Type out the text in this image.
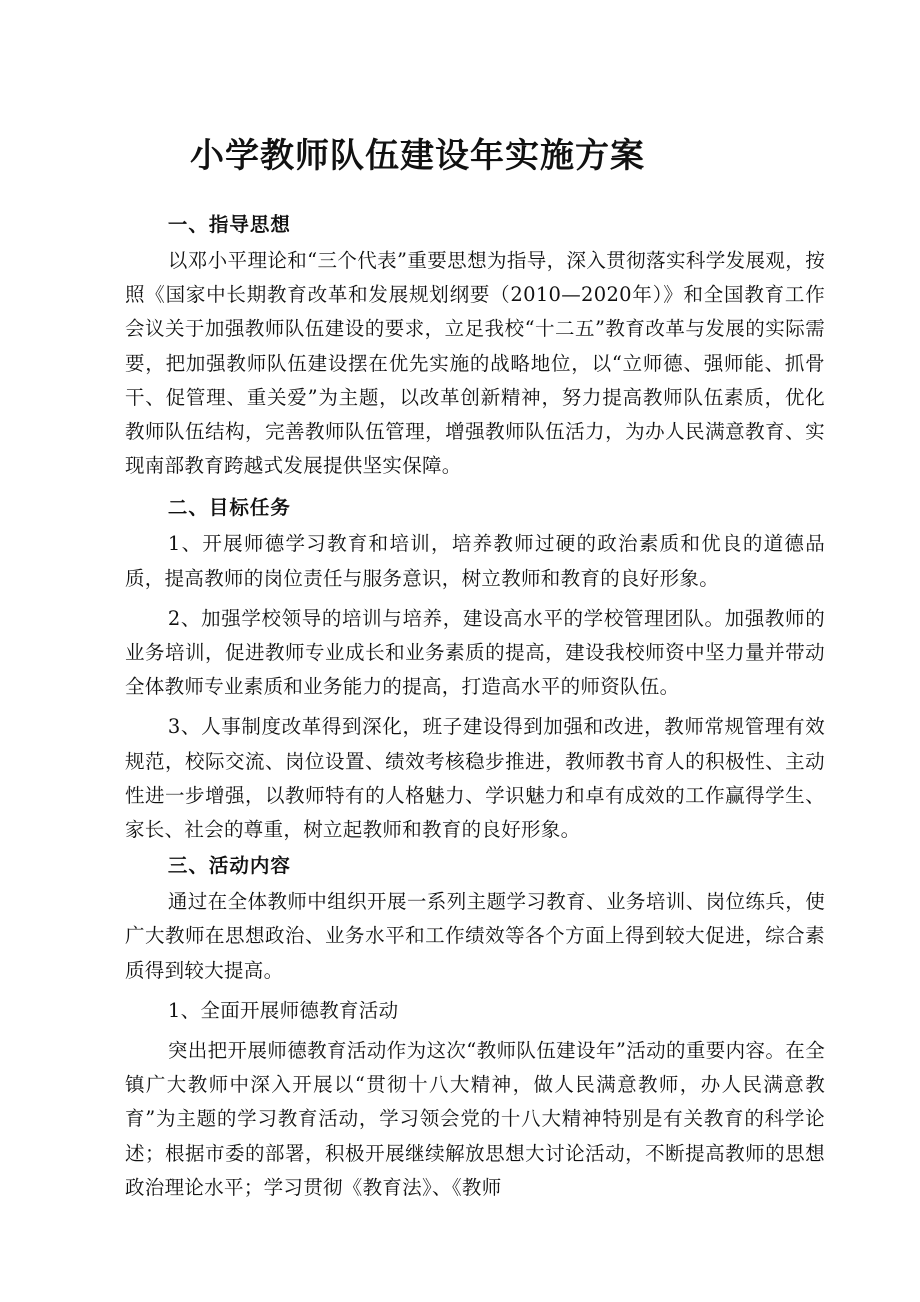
小学教师队伍建设年实施方案

一、指导思想

以邓小平理论和“三个代表”重要思想为指导，深入贯彻落实科学发展观，按照《国家中长期教育改革和发展规划纲要（2010—2020年）》和全国教育工作会议关于加强教师队伍建设的要求，立足我校“十二五”教育改革与发展的实际需要，把加强教师队伍建设摆在优先实施的战略地位，以“立师德、强师能、抓骨干、促管理、重关爱”为主题，以改革创新精神，努力提高教师队伍素质，优化教师队伍结构，完善教师队伍管理，增强教师队伍活力，为办人民满意教育、实现南部教育跨越式发展提供坚实保障。

二、目标任务

1、开展师德学习教育和培训，培养教师过硬的政治素质和优良的道德品质，提高教师的岗位责任与服务意识，树立教师和教育的良好形象。

2、加强学校领导的培训与培养，建设高水平的学校管理团队。加强教师的业务培训，促进教师专业成长和业务素质的提高，建设我校师资中坚力量并带动全体教师专业素质和业务能力的提高，打造高水平的师资队伍。

3、人事制度改革得到深化，班子建设得到加强和改进，教师常规管理有效规范，校际交流、岗位设置、绩效考核稳步推进，教师教书育人的积极性、主动性进一步增强，以教师特有的人格魅力、学识魅力和卓有成效的工作赢得学生、家长、社会的尊重，树立起教师和教育的良好形象。

三、活动内容

通过在全体教师中组织开展一系列主题学习教育、业务培训、岗位练兵，使广大教师在思想政治、业务水平和工作绩效等各个方面上得到较大促进，综合素质得到较大提高。

1、全面开展师德教育活动

突出把开展师德教育活动作为这次“教师队伍建设年”活动的重要内容。在全镇广大教师中深入开展以“贯彻十八大精神，做人民满意教师，办人民满意教育”为主题的学习教育活动，学习领会党的十八大精神特别是有关教育的科学论述；根据市委的部署，积极开展继续解放思想大讨论活动，不断提高教师的思想政治理论水平；学习贯彻《教育法》、《教师
